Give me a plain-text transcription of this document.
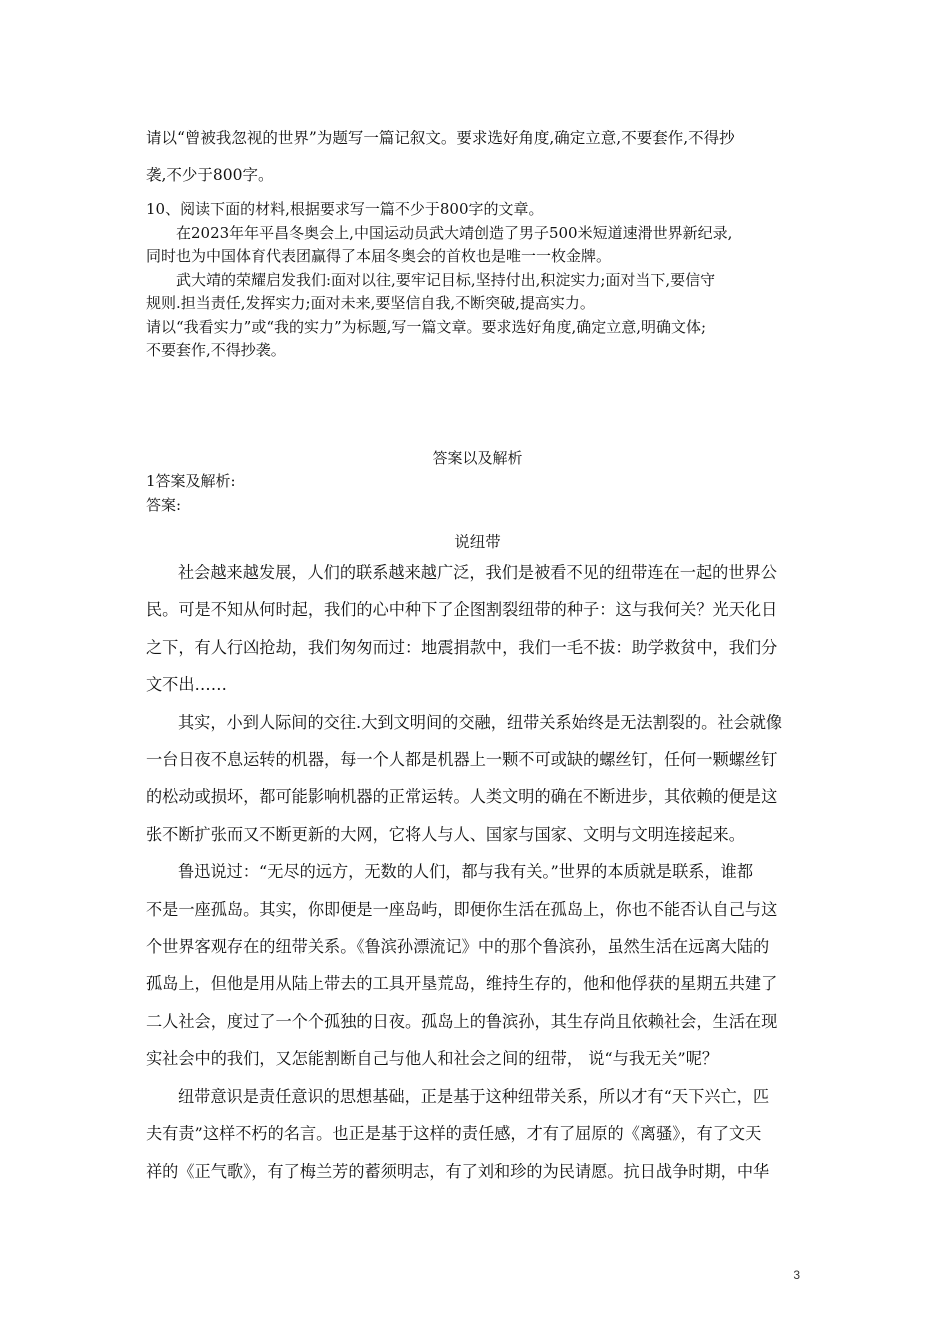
请以“曾被我忽视的世界”为题写一篇记叙文。要求选好角度,确定立意,不要套作,不得抄
袭,不少于800字。
10、阅读下面的材料,根据要求写一篇不少于800字的文章。
在2023年年平昌冬奥会上,中国运动员武大靖创造了男子500米短道速滑世界新纪录,
同时也为中国体育代表团赢得了本届冬奥会的首枚也是唯一一枚金牌。
武大靖的荣耀启发我们:面对以往,要牢记目标,坚持付出,积淀实力;面对当下,要信守
规则.担当责任,发挥实力;面对未来,要坚信自我,不断突破,提高实力。
请以“我看实力”或“我的实力”为标题,写一篇文章。要求选好角度,确定立意,明确文体;
不要套作,不得抄袭。
答案以及解析
1答案及解析:
答案:
说纽带
社会越来越发展，人们的联系越来越广泛，我们是被看不见的纽带连在一起的世界公
民。可是不知从何时起，我们的心中种下了企图割裂纽带的种子：这与我何关？光天化日
之下，有人行凶抢劫，我们匆匆而过：地震捐款中，我们一毛不拔：助学救贫中，我们分
文不出……
其实，小到人际间的交往.大到文明间的交融，纽带关系始终是无法割裂的。社会就像
一台日夜不息运转的机器，每一个人都是机器上一颗不可或缺的螺丝钉，任何一颗螺丝钉
的松动或损坏，都可能影响机器的正常运转。人类文明的确在不断进步，其依赖的便是这
张不断扩张而又不断更新的大网，它将人与人、国家与国家、文明与文明连接起来。
鲁迅说过：“无尽的远方，无数的人们，都与我有关。”世界的本质就是联系，谁都
不是一座孤岛。其实，你即便是一座岛屿，即便你生活在孤岛上，你也不能否认自己与这
个世界客观存在的纽带关系。《鲁滨孙漂流记》中的那个鲁滨孙，虽然生活在远离大陆的
孤岛上，但他是用从陆上带去的工具开垦荒岛，维持生存的，他和他俘获的星期五共建了
二人社会，度过了一个个孤独的日夜。孤岛上的鲁滨孙，其生存尚且依赖社会，生活在现
实社会中的我们，又怎能割断自己与他人和社会之间的纽带， 说“与我无关”呢？
纽带意识是责任意识的思想基础，正是基于这种纽带关系，所以才有“天下兴亡，匹
夫有责”这样不朽的名言。也正是基于这样的责任感，才有了屈原的《离骚》，有了文天
祥的《正气歌》，有了梅兰芳的蓄须明志，有了刘和珍的为民请愿。抗日战争时期，中华
3
